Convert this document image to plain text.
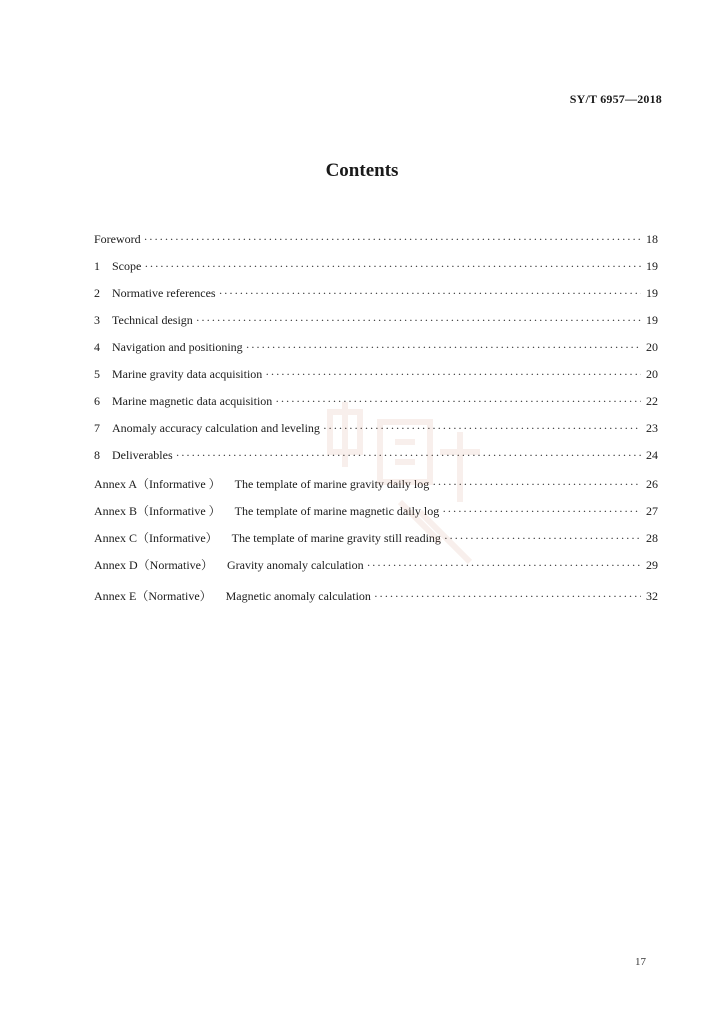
SY/T 6957—2018
Contents
Foreword ·····	18
1	Scope ·····	19
2	Normative references ·····	19
3	Technical design ·····	19
4	Navigation and positioning ·····	20
5	Marine gravity data acquisition ·····	20
6	Marine magnetic data acquisition ·····	22
7	Anomaly accuracy calculation and leveling ·····	23
8	Deliverables ·····	24
Annex A（Informative ） The template of marine gravity daily log ·····	26
Annex B（Informative ） The template of marine magnetic daily log ·····	27
Annex C（Informative） The template of marine gravity still reading ·····	28
Annex D（Normative） Gravity anomaly calculation ·····	29
Annex E（Normative） Magnetic anomaly calculation ·····	32
17
